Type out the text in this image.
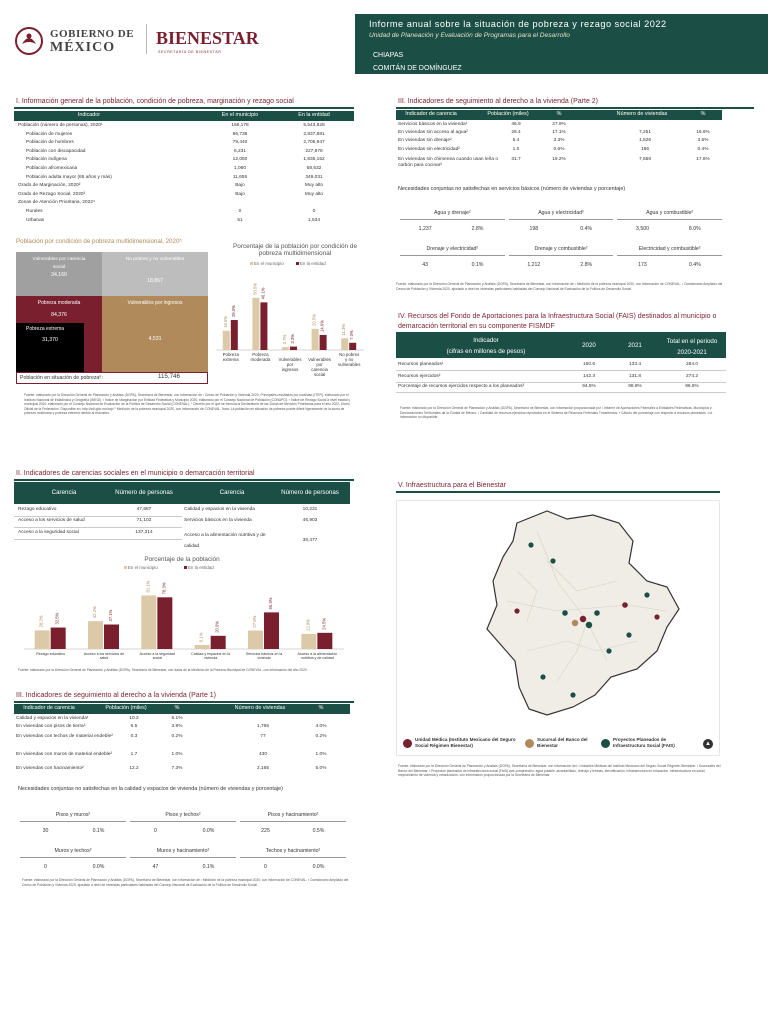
GOBIERNO DE
MÉXICO BIENESTAR
SECRETARÍA DE BIENESTAR
Informe anual sobre la situación de pobreza y rezago social 2022
Unidad de Planeación y Evaluación de Programas para el Desarrollo
CHIAPAS
COMITÁN DE DOMÍNGUEZ
I. Información general de la población, condición de pobreza, marginación y rezago social
Indicador	En el municipio	En la entidad
Población (número de personas), 2020¹	166,178	5,543,828
Población de mujeres	86,738	2,837,881
Población de hombres	79,440	2,705,947
Población con discapacidad	6,231	227,878
Población indígena	12,050	1,835,152
Población afromexicana	1,060	58,532
Población adulta mayor (65 años y más)	11,655	349,031
Grado de Marginación, 2020²	Bajo	Muy alto
Grado de Rezago Social, 2020³	Bajo	Muy alto
Zonas de Atención Prioritaria, 2022⁴
Rurales	0	0
Urbanas	51	1,534
Población por condición de pobreza multidimensional, 2020⁵
Vulnerables por carencia social
34,160
No pobres y no vulnerables
18,867
Pobreza moderada
84,376
Pobreza extrema
31,370
Vulnerables por ingresos
4,531
Población en situación de pobreza⁶:	115,746
Porcentaje de la población por condición de pobreza multidimensional
En el municipio	En la entidad
18.6%
29.0%
Pobreza extrema
50.5% 46.1%
Pobreza moderada
2.7% 3.3%
Vulnerables por ingresos
20.5%
14.6%
Vulnerables por carencia social
11.3% 7.0%
No pobres y no vulnerables
Fuente: elaborado por la Dirección General de Planeación y Análisis (DGPA), Secretaría de Bienestar, con información de ¹ Censo de Población y Vivienda 2020, Principales resultados por localidad (ITER), elaborado por el Instituto Nacional de Estadística y Geografía (INEGI). ² Índice de Marginación por Entidad Federativa y Municipio 2020, elaborado por el Consejo Nacional de Población (CONAPO). ³ Índice de Rezago Social a nivel estatal y municipal 2020, elaborado por el Consejo Nacional de Evaluación de la Política de Desarrollo Social (CONEVAL). ⁴ Decreto por el que se formula la Declaratoria de las Zonas de Atención Prioritarias para el año 2022, Diario Oficial de la Federación. Disponible en: http://sdl.gob.mx/zap/ ⁵ Medición de la pobreza municipal 2020, con información de CONEVAL. Nota: La población en situación de pobreza puede diferir ligeramente de la suma de pobreza moderada y pobreza extrema debido al redondeo.
II. Indicadores de carencias sociales en el municipio o demarcación territorial
Carencia	Número de personas	Carencia	Número de personas
Rezago educativo	47,687
Acceso a los servicios de salud	71,102
Acceso a la seguridad social	137,314
Calidad y espacios en la vivienda	10,231
Servicios básicos en la vivienda	46,903
Acceso a la alimentación nutritiva y de calidad
38,477
Porcentaje de la población
En el municipio	En la entidad
28.2%	32.5%
Rezago educativo
42.2%	37.1%
Acceso a los servicios de salud
81.1%	78.3%
Acceso a la seguridad social
6.1%
20.0%
Calidad y espacios en la vivienda
27.9%
55.5%
Servicios básicos en la vivienda
22.9%	24.5%
Acceso a la alimentación nutritiva y de calidad
Fuente: elaborado por la Dirección General de Planeación y Análisis (DGPA), Secretaría de Bienestar, con datos de la Medición de la Pobreza Municipal de CONEVAL, con información del año 2020.
III. Indicadores de seguimiento al derecho a la vivienda (Parte 1)
Indicador de carencia	Población (miles)	%	Número de viviendas	%
Calidad y espacios en la vivienda¹	10.2	6.1%
En viviendas con pisos de tierra²	6.5	3.9%	1,765	4.0%
En viviendas con techos de material endeble²	0.3	0.2%	77	0.2%
En viviendas con muros de material endeble²	1.7	1.0%	430	1.0%
En viviendas con hacinamiento²	12.2	7.3%	2,165	5.0%
Necesidades conjuntas no satisfechas en la calidad y espacios de vivienda (número de viviendas y porcentaje)
Pisos y muros²
30	0.1%
Pisos y techos²
0	0.0%
Pisos y hacinamiento²
225	0.5%
Muros y techos²
0	0.0%
Muros y hacinamiento²
47	0.1%
Techos y hacinamiento²
0	0.0%
Fuente: elaborado por la Dirección General de Planeación y Análisis (DGPA), Secretaría de Bienestar, con información de ¹ Medición de la pobreza municipal 2020, con información de CONEVAL. ² Cuestionario Ampliado del Censo de Población y Vivienda 2020, ajustado a nivel de viviendas particulares habitadas del Consejo Nacional de Evaluación de la Política de Desarrollo Social.
III. Indicadores de seguimiento al derecho a la vivienda (Parte 2)
Indicador de carencia	Población (miles)	%	Número de viviendas	%
Servicios básicos en la vivienda¹	46.9	27.9%
En viviendas sin acceso al agua²	28.4	17.1%	7,251	16.6%
En viviendas sin drenaje²	5.4	3.3%	1,526	3.5%
En viviendas sin electricidad²	1.0	0.6%	186	0.4%
En viviendas sin chimenea cuando usan leña o carbón para cocinar²
31.7	19.2%	7,658	17.6%
Necesidades conjuntas no satisfechas en servicios básicos (número de viviendas y porcentaje)
Agua y drenaje²
1,237	2.8%
Agua y electricidad²
198	0.4%
Agua y combustible²
3,500	8.0%
Drenaje y electricidad²
43	0.1%
Drenaje y combustible²
1,212	2.8%
Electricidad y combustible²
173	0.4%
Fuente: elaborado por la Dirección General de Planeación y Análisis (DGPA), Secretaría de Bienestar, con información de ¹ Medición de la pobreza municipal 2020, con información de CONEVAL. ² Cuestionario Ampliado del Censo de Población y Vivienda 2020, ajustado a nivel de viviendas particulares habitadas del Consejo Nacional de Evaluación de la Política de Desarrollo Social.
IV. Recursos del Fondo de Aportaciones para la Infraestructura Social (FAIS) destinados al municipio o demarcación territorial en su componente FISMDF
Indicador
(cifras en millones de pesos)
2020	2021
Total en el periodo 2020-2021
Recursos planeados¹	150.6	133.4	284.0
Recursos ejercidos²	142.3	131.8	274.2
Porcentaje de recursos ejercidos respecto a los planeados³	94.5%	98.8%	96.5%
Fuente: elaborado por la Dirección General de Planeación y Análisis (DGPA), Secretaría de Bienestar, con información proporcionada por ¹ Informe de Aportaciones Federales a Entidades Federativas, Municipios y Demarcaciones Territoriales de la Ciudad de México. ² Cantidad de recursos ejercidos reportados en el Sistema de Recursos Federales Transferidos. ³ Cálculo del porcentaje con respecto a recursos planeados. n.d. información no disponible.
V. Infraestructura para el Bienestar
Unidad Médica (Instituto Mexicano del Seguro Social Régimen Bienestar)
Sucursal del Banco del Bienestar
Proyectos Planeados de Infraestructura Social (FAIS)	▲
Fuente: elaborado por la Dirección General de Planeación y Análisis (DGPA), Secretaría de Bienestar, con información del ¹ Unidades Médicas del Instituto Mexicano del Seguro Social Régimen Bienestar. ² Sucursales del Banco del Bienestar. ³ Proyectos planeados de infraestructura social (FAIS) que comprenden: agua potable, alcantarillado, drenaje y letrinas, electrificación, infraestructura en educación, infraestructura en salud, mejoramiento de vivienda y urbanización, con información proporcionada por la Secretaría de Bienestar.
